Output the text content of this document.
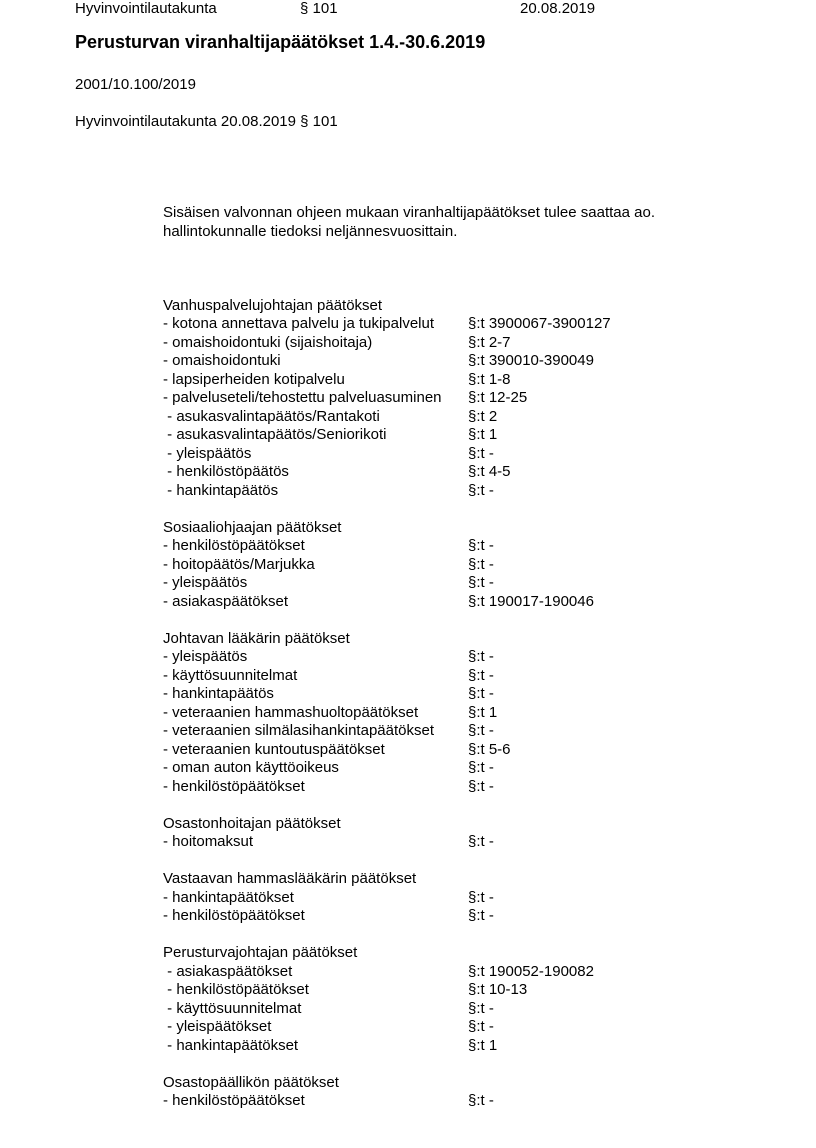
Hyvinvointilautakunta	§ 101	20.08.2019
Perusturvan viranhaltijapäätökset 1.4.-30.6.2019
2001/10.100/2019
Hyvinvointilautakunta 20.08.2019 § 101

Sisäisen valvonnan ohjeen mukaan viranhaltijapäätökset tulee saattaa ao.
hallintokunnalle tiedoksi neljännesvuosittain.

Vanhuspalvelujohtajan päätökset
- kotona annettava palvelu ja tukipalvelut §:t 3900067-3900127
- omaishoidontuki (sijaishoitaja)	§:t 2-7
- omaishoidontuki	§:t 390010-390049
- lapsiperheiden kotipalvelu	§:t 1-8
- palveluseteli/tehostettu palveluasuminen §:t 12-25
- asukasvalintapäätös/Rantakoti	§:t 2
- asukasvalintapäätös/Seniorikoti	§:t 1
- yleispäätös	§:t -
- henkilöstöpäätös	§:t 4-5
- hankintapäätös	§:t -
Sosiaaliohjaajan päätökset
- henkilöstöpäätökset	§:t -
- hoitopäätös/Marjukka	§:t -
- yleispäätös	§:t -
- asiakaspäätökset	§:t 190017-190046
Johtavan lääkärin päätökset
- yleispäätös	§:t -
- käyttösuunnitelmat	§:t -
- hankintapäätös	§:t -
- veteraanien hammashuoltopäätökset	§:t 1
- veteraanien silmälasihankintapäätökset §:t -
- veteraanien kuntoutuspäätökset	§:t 5-6
- oman auton käyttöoikeus	§:t -
- henkilöstöpäätökset	§:t -
Osastonhoitajan päätökset
- hoitomaksut	§:t -
Vastaavan hammaslääkärin päätökset
- hankintapäätökset	§:t -
- henkilöstöpäätökset	§:t -
Perusturvajohtajan päätökset
- asiakaspäätökset	§:t 190052-190082
- henkilöstöpäätökset	§:t 10-13
- käyttösuunnitelmat	§:t -
- yleispäätökset	§:t -
- hankintapäätökset	§:t 1
Osastopäällikön päätökset
- henkilöstöpäätökset	§:t -
